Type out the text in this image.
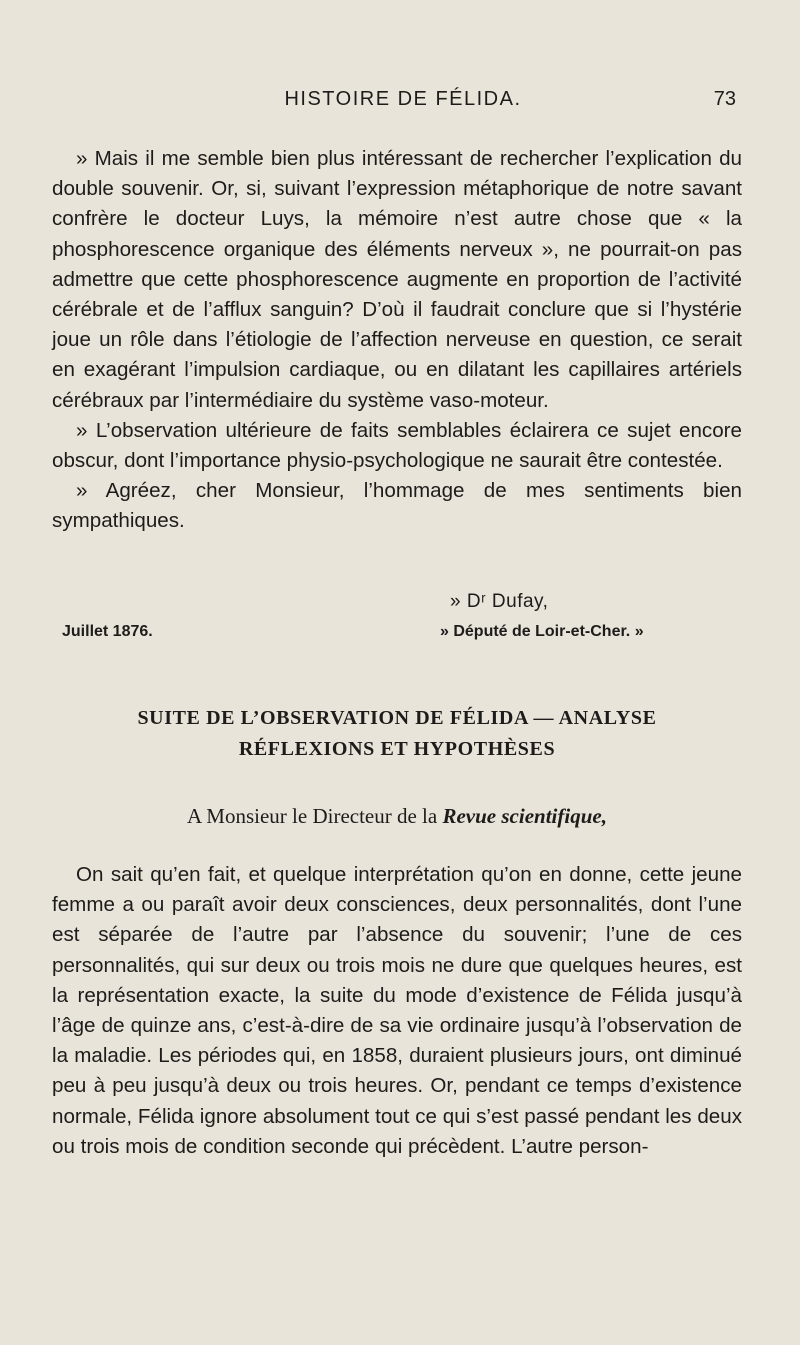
HISTOIRE DE FÉLIDA.	73

» Mais il me semble bien plus intéressant de rechercher l’explication du double souvenir. Or, si, suivant l’expression métaphorique de notre savant confrère le docteur Luys, la mémoire n’est autre chose que « la phosphorescence organique des éléments nerveux », ne pourrait-on pas admettre que cette phosphorescence augmente en proportion de l’activité cérébrale et de l’afflux sanguin? D’où il faudrait conclure que si l’hystérie joue un rôle dans l’étiologie de l’affection nerveuse en question, ce serait en exagérant l’impulsion cardiaque, ou en dilatant les capillaires artériels cérébraux par l’intermédiaire du système vaso-moteur.

» L’observation ultérieure de faits semblables éclairera ce sujet encore obscur, dont l’importance physio-psychologique ne saurait être contestée.

» Agréez, cher Monsieur, l’hommage de mes sentiments bien sympathiques.

» Dʳ Dufay,
Juillet 1876.	» Député de Loir-et-Cher. »
SUITE DE L’OBSERVATION DE FÉLIDA — ANALYSE
RÉFLEXIONS ET HYPOTHÈSES
A Monsieur le Directeur de la Revue scientifique,

On sait qu’en fait, et quelque interprétation qu’on en donne, cette jeune femme a ou paraît avoir deux consciences, deux personnalités, dont l’une est séparée de l’autre par l’absence du souvenir; l’une de ces personnalités, qui sur deux ou trois mois ne dure que quelques heures, est la représentation exacte, la suite du mode d’existence de Félida jusqu’à l’âge de quinze ans, c’est-à-dire de sa vie ordinaire jusqu’à l’observation de la maladie. Les périodes qui, en 1858, duraient plusieurs jours, ont diminué peu à peu jusqu’à deux ou trois heures. Or, pendant ce temps d’existence normale, Félida ignore absolument tout ce qui s’est passé pendant les deux ou trois mois de condition seconde qui précèdent. L’autre person-
